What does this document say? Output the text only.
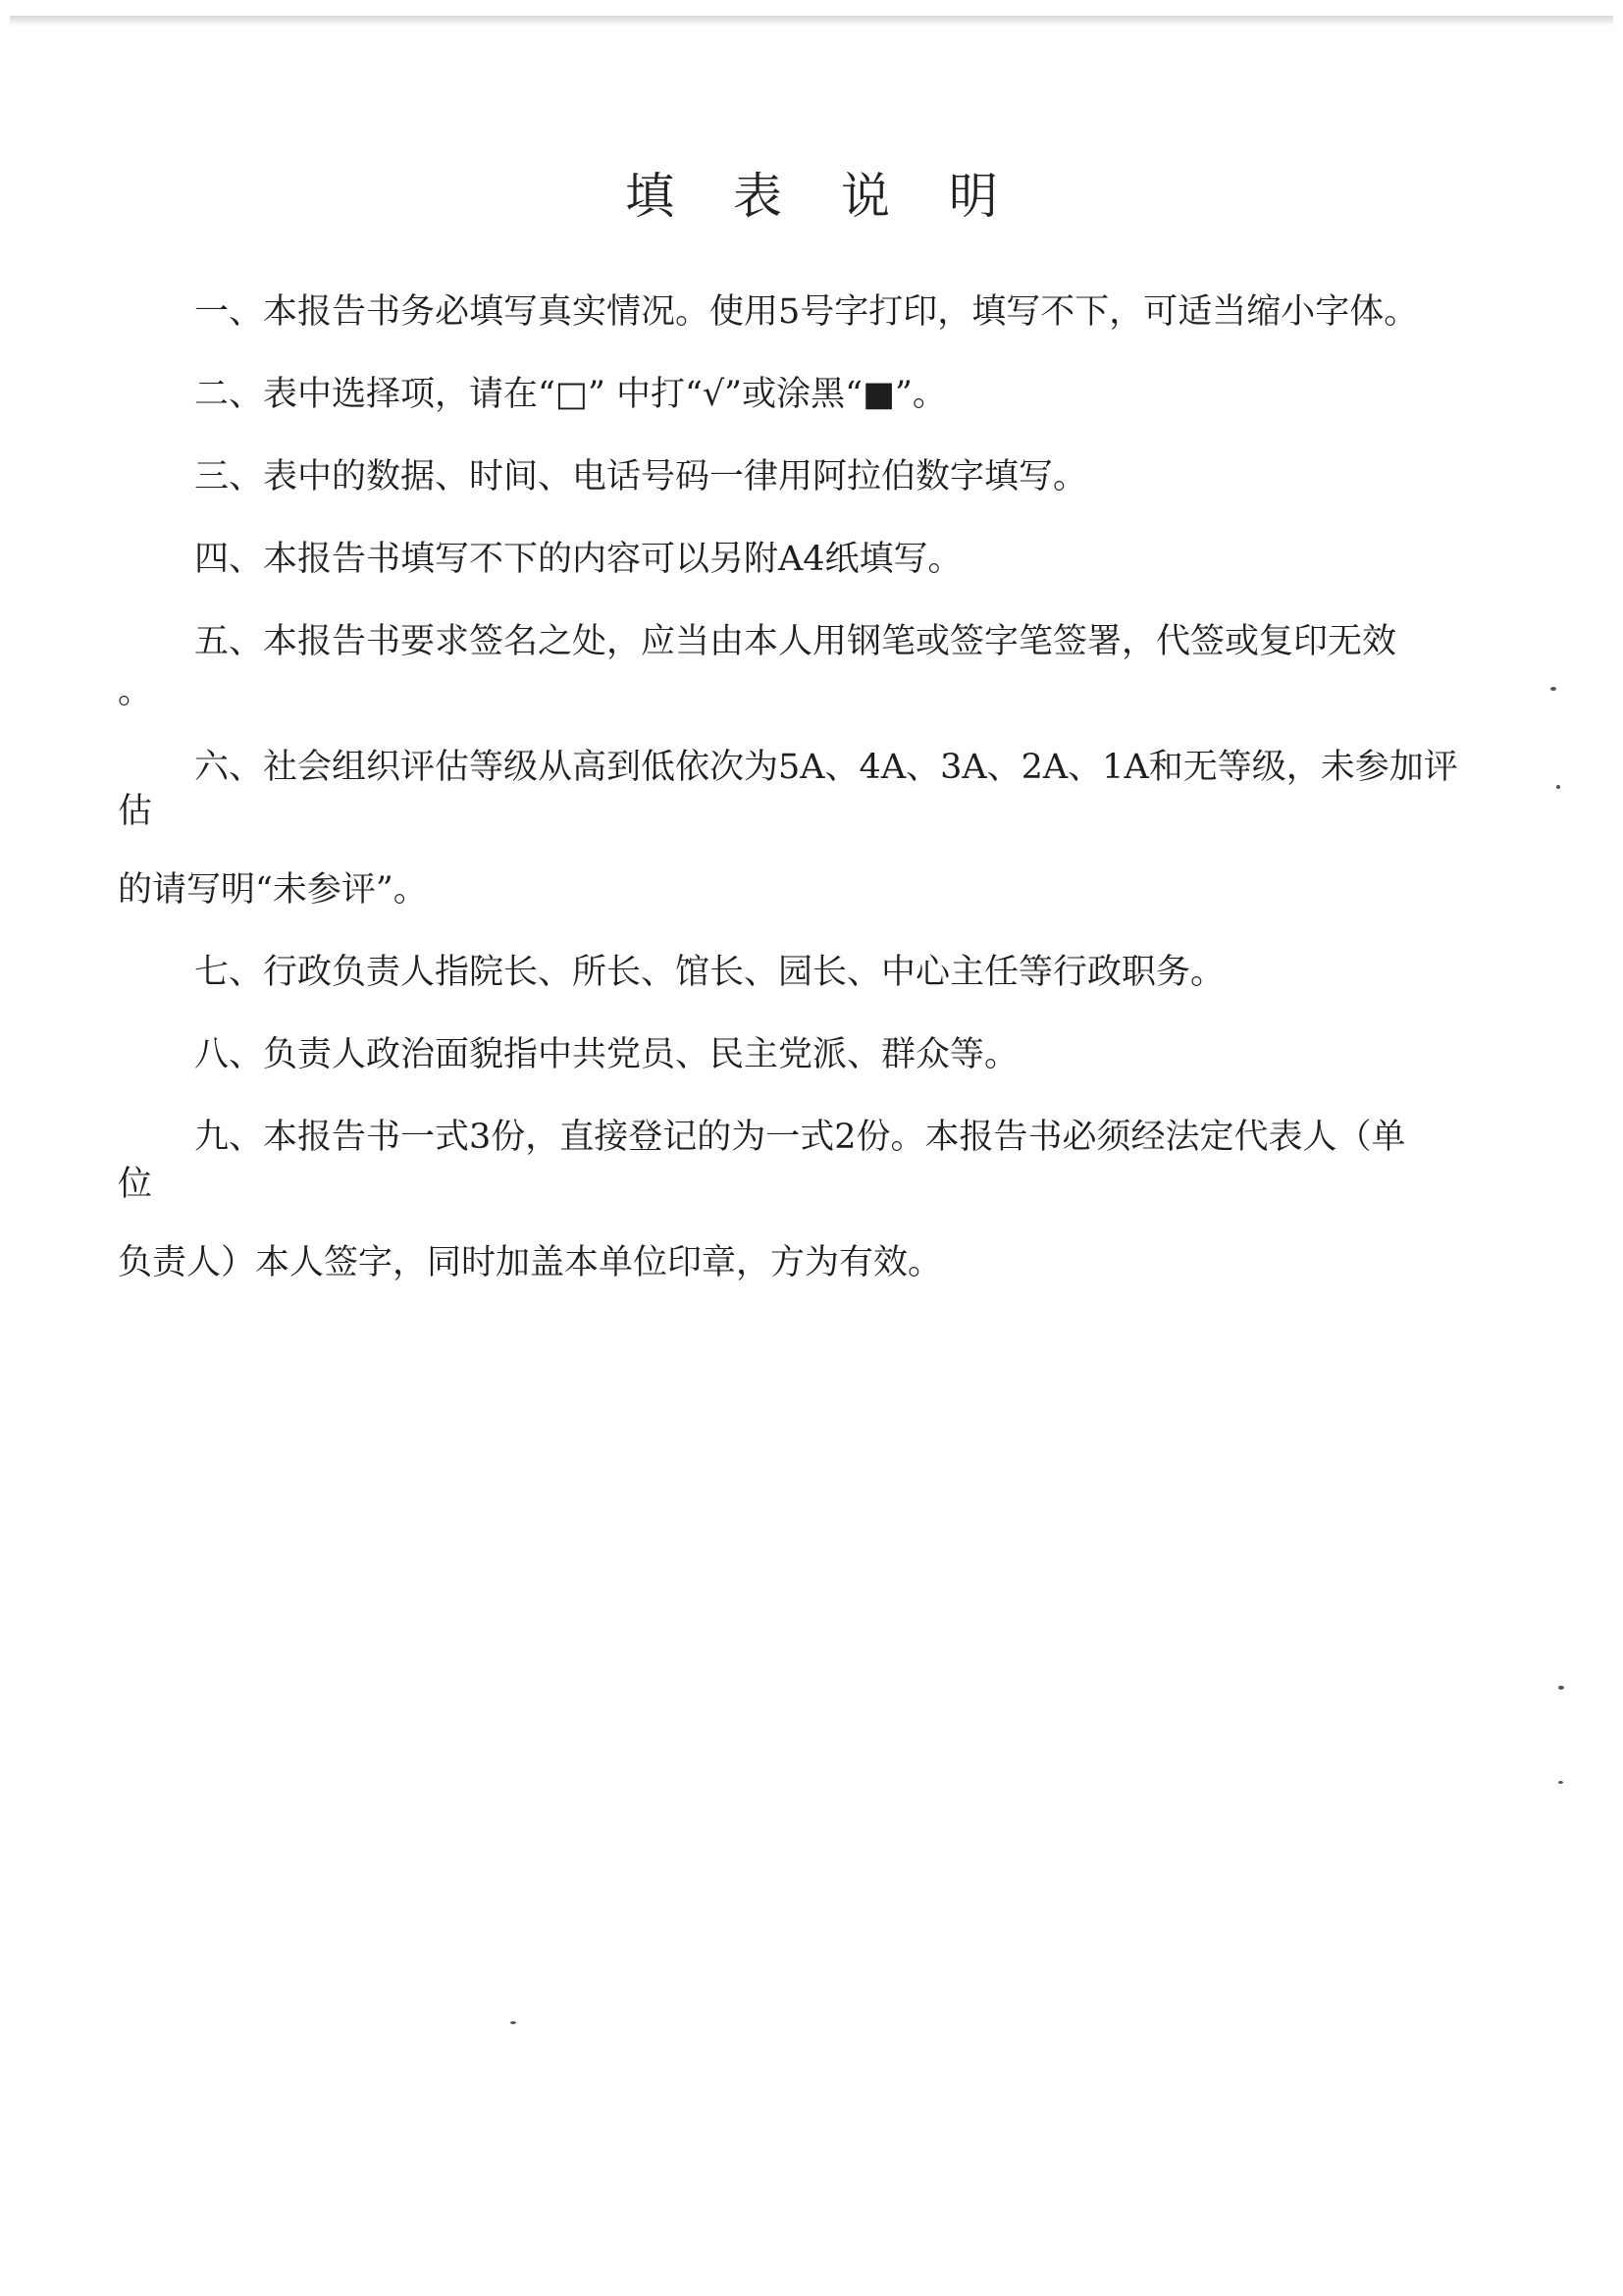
填 表 说 明
一、本报告书务必填写真实情况。使用5号字打印，填写不下，可适当缩小字体。
二、表中选择项，请在“□” 中打“√”或涂黑“■”。
三、表中的数据、时间、电话号码一律用阿拉伯数字填写。
四、本报告书填写不下的内容可以另附A4纸填写。
五、本报告书要求签名之处，应当由本人用钢笔或签字笔签署，代签或复印无效
。
六、社会组织评估等级从高到低依次为5A、4A、3A、2A、1A和无等级，未参加评
估
的请写明“未参评”。
七、行政负责人指院长、所长、馆长、园长、中心主任等行政职务。
八、负责人政治面貌指中共党员、民主党派、群众等。
九、本报告书一式3份，直接登记的为一式2份。本报告书必须经法定代表人（单
位
负责人）本人签字，同时加盖本单位印章，方为有效。
